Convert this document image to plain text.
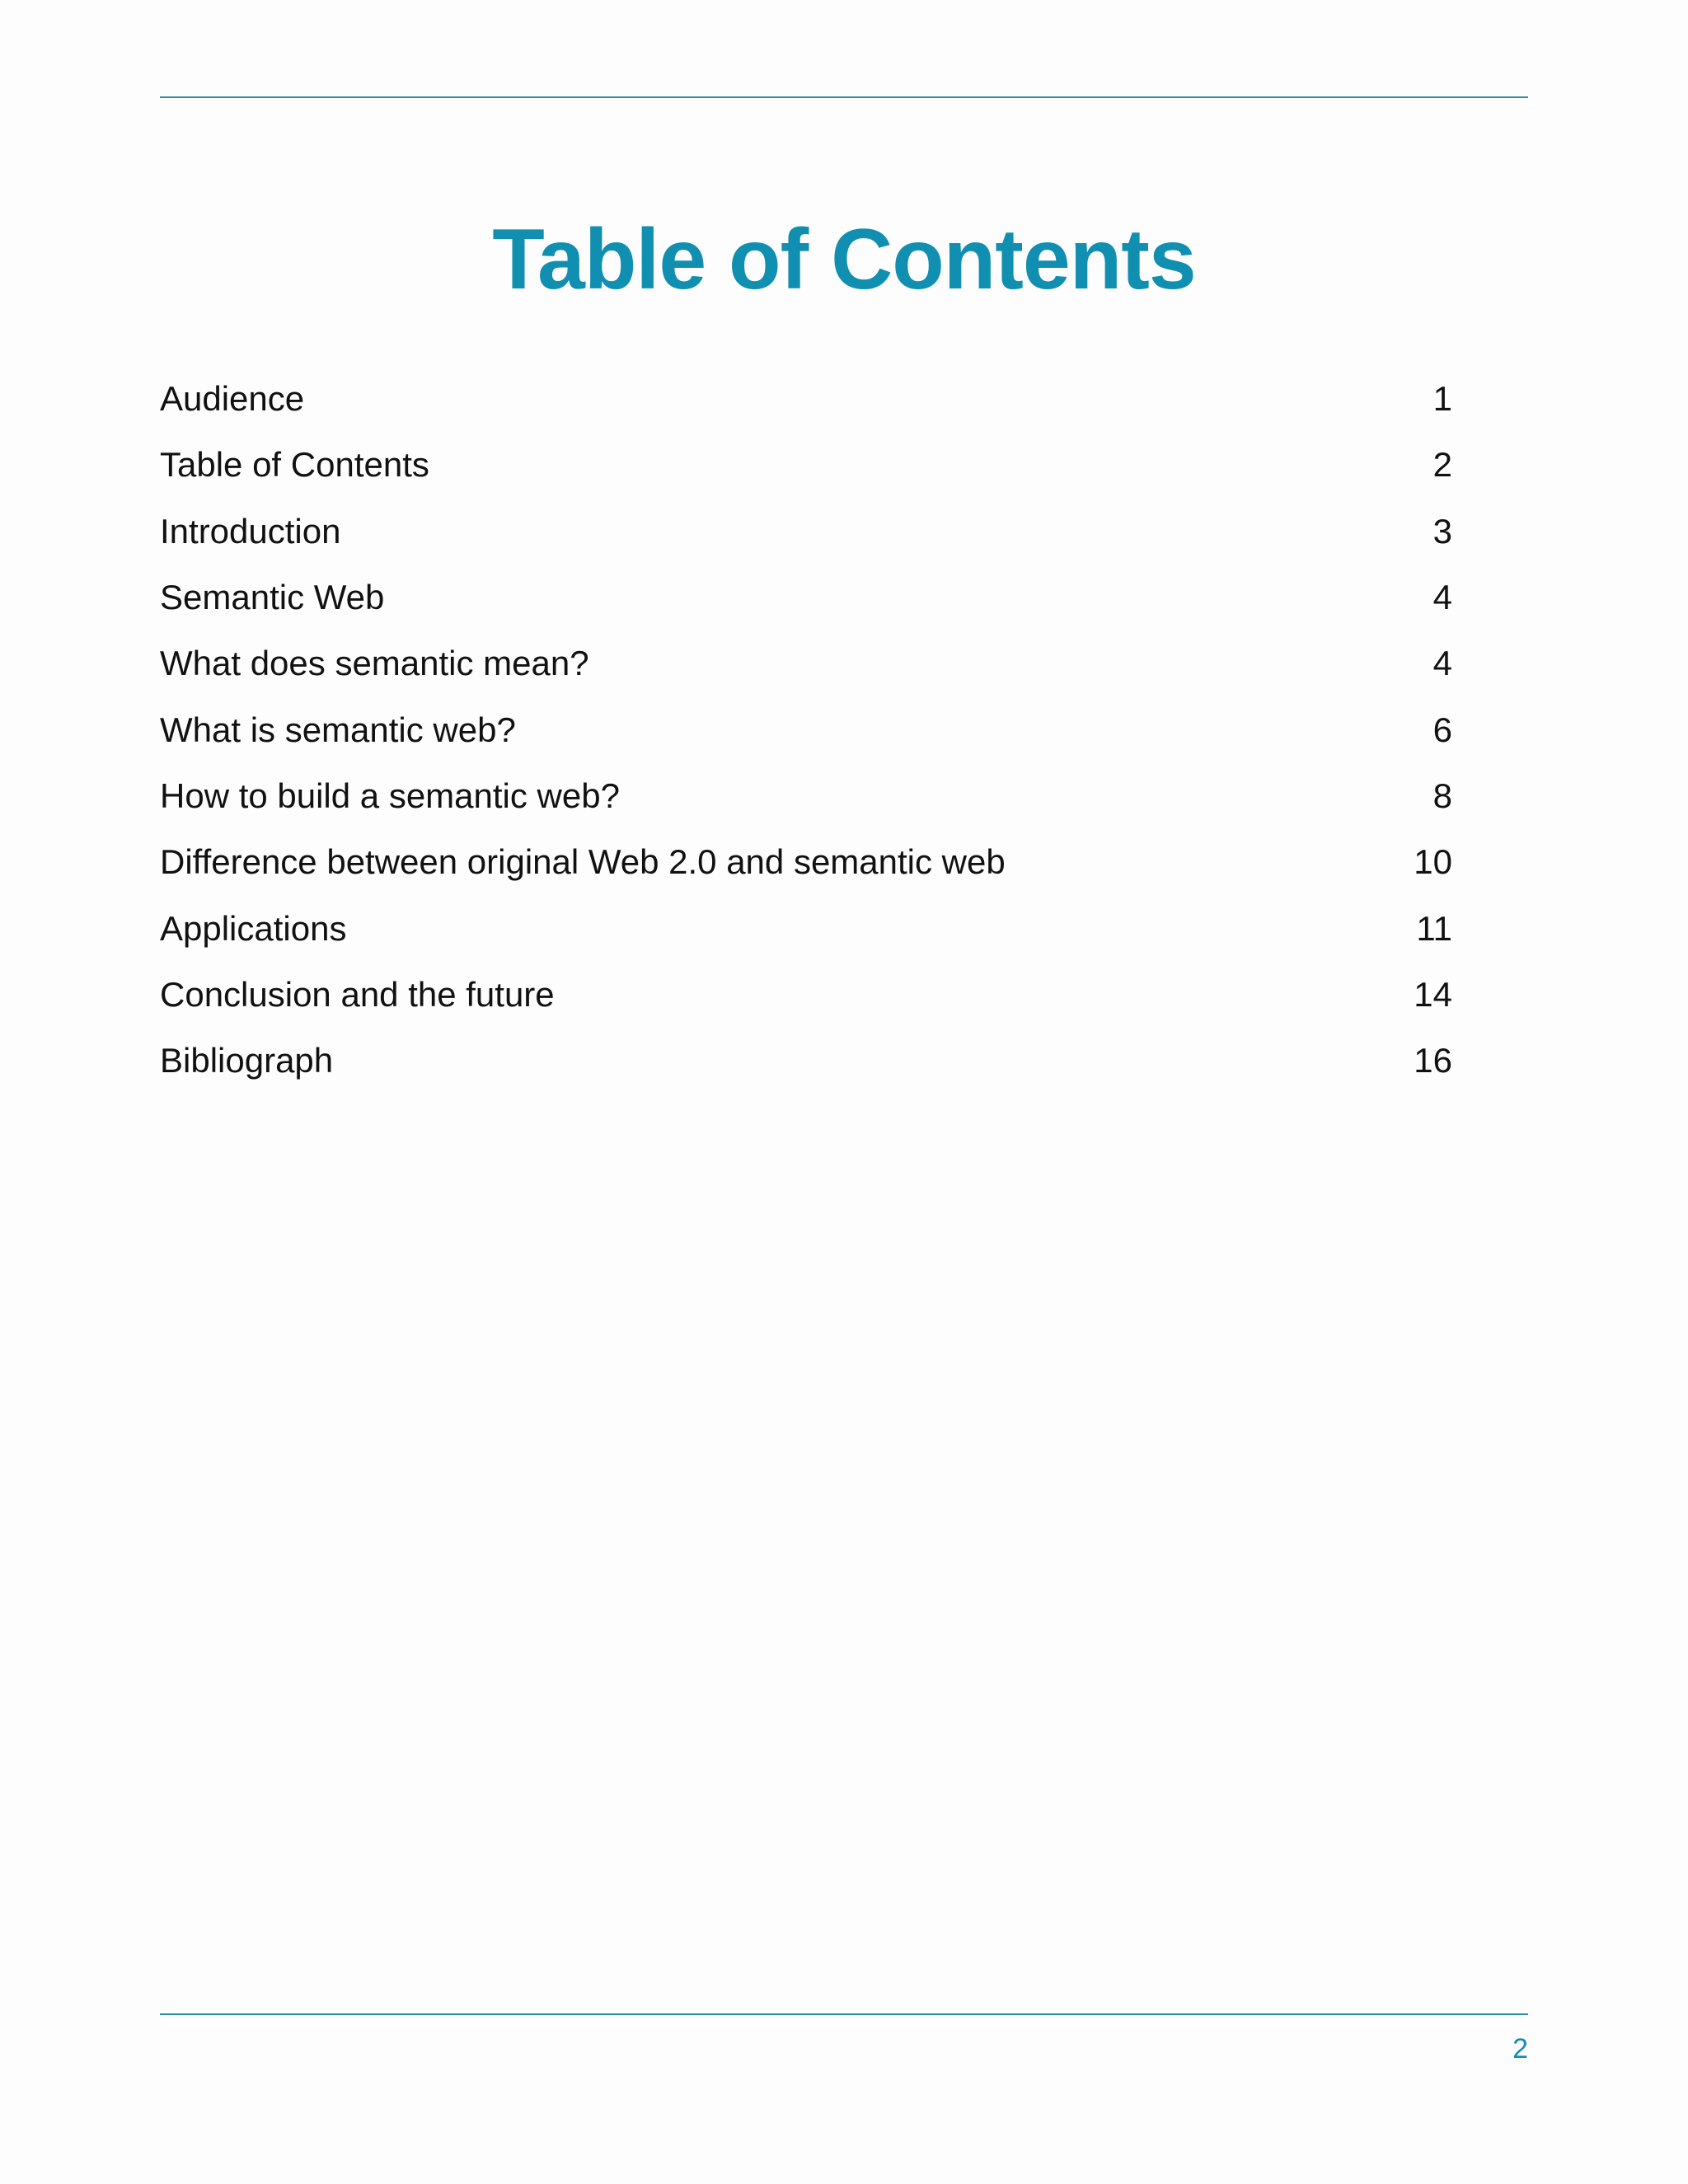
Table of Contents
Audience	1
Table of Contents	2
Introduction	3
Semantic Web	4
What does semantic mean?	4
What is semantic web?	6
How to build a semantic web?	8
Difference between original Web 2.0 and semantic web	10
Applications	11
Conclusion and the future	14
Bibliograph	16
2
